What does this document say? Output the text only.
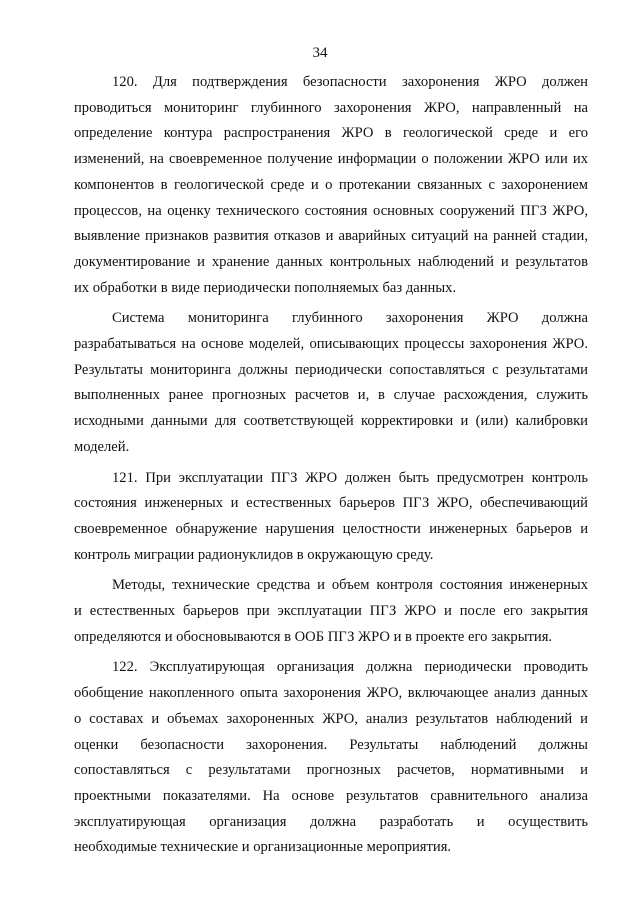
34
120. Для подтверждения безопасности захоронения ЖРО должен
проводиться мониторинг глубинного захоронения ЖРО, направленный на
определение контура распространения ЖРО в геологической среде и его
изменений, на своевременное получение информации о положении ЖРО или их
компонентов в геологической среде и о протекании связанных с захоронением
процессов, на оценку технического состояния основных сооружений ПГЗ ЖРО,
выявление признаков развития отказов и аварийных ситуаций на ранней стадии,
документирование и хранение данных контрольных наблюдений и результатов
их обработки в виде периодически пополняемых баз данных.
Система мониторинга глубинного захоронения ЖРО должна
разрабатываться на основе моделей, описывающих процессы захоронения ЖРО.
Результаты мониторинга должны периодически сопоставляться с результатами
выполненных ранее прогнозных расчетов и, в случае расхождения, служить
исходными данными для соответствующей корректировки и (или) калибровки
моделей.
121. При эксплуатации ПГЗ ЖРО должен быть предусмотрен контроль
состояния инженерных и естественных барьеров ПГЗ ЖРО, обеспечивающий
своевременное обнаружение нарушения целостности инженерных барьеров и
контроль миграции радионуклидов в окружающую среду.
Методы, технические средства и объем контроля состояния инженерных
и естественных барьеров при эксплуатации ПГЗ ЖРО и после его закрытия
определяются и обосновываются в ООБ ПГЗ ЖРО и в проекте его закрытия.
122. Эксплуатирующая организация должна периодически проводить
обобщение накопленного опыта захоронения ЖРО, включающее анализ данных
о составах и объемах захороненных ЖРО, анализ результатов наблюдений и
оценки безопасности захоронения. Результаты наблюдений должны
сопоставляться с результатами прогнозных расчетов, нормативными и
проектными показателями. На основе результатов сравнительного анализа
эксплуатирующая организация должна разработать и осуществить
необходимые технические и организационные мероприятия.
